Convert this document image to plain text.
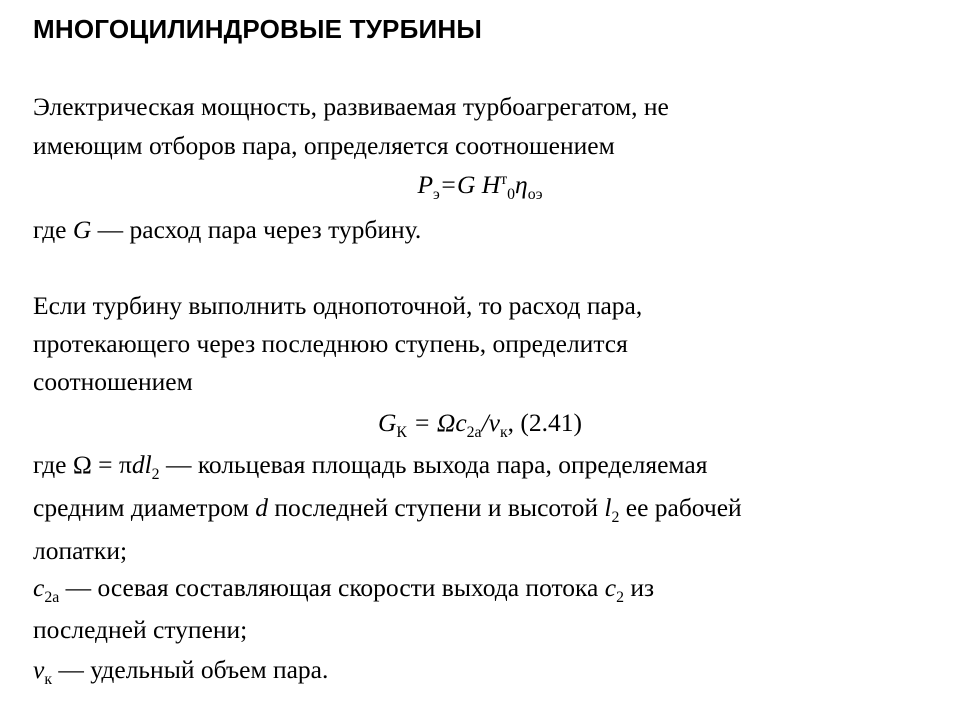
МНОГОЦИЛИНДРОВЫЕ ТУРБИНЫ
Электрическая мощность, развиваемая турбоагрегатом, не
имеющим отборов пара, определяется соотношением
$P_э=G$ $H^т_0\eta_{оэ}$
где G — расход пара через турбину.
Если турбину выполнить однопоточной, то расход пара,
протекающего через последнюю ступень, определится
соотношением
$G_К = \Omega c_{2а}/v_к$, (2.41)
где Ω = πdl$_2$ — кольцевая площадь выхода пара, определяемая
средним диаметром d последней ступени и высотой $l_2$ ее рабочей
лопатки;
$c_{2a}$ — осевая составляющая скорости выхода потока $c_2$ из
последней ступени;
$v_к$ — удельный объем пара.
